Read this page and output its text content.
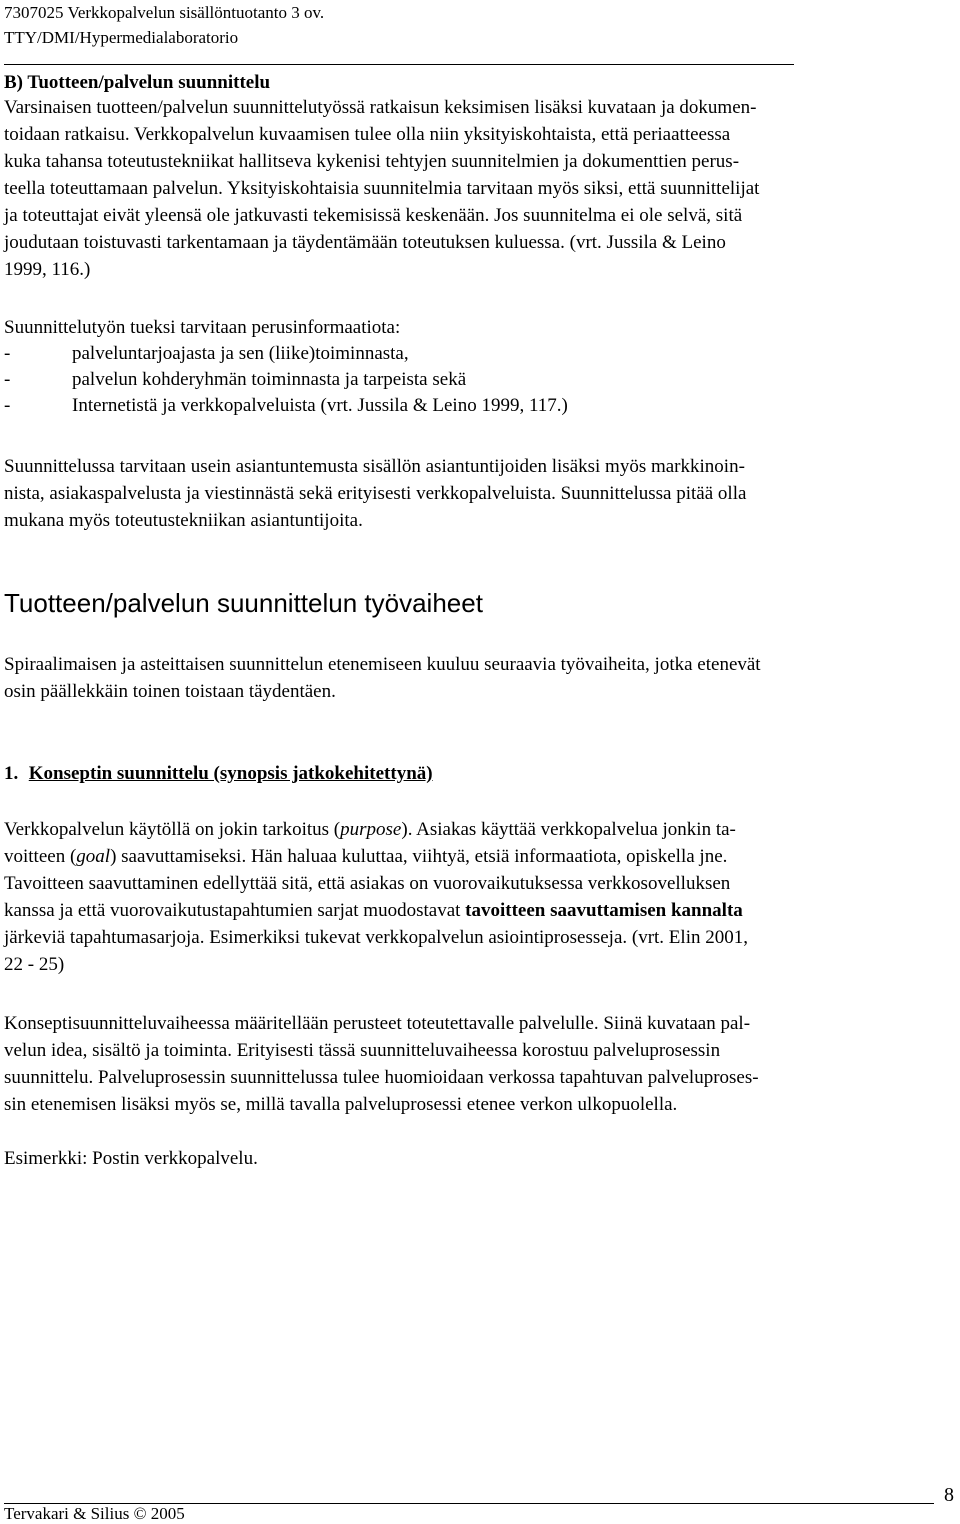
7307025 Verkkopalvelun sisällöntuotanto 3 ov.
TTY/DMI/Hypermedialaboratorio
B) Tuotteen/palvelun suunnittelu
Varsinaisen tuotteen/palvelun suunnittelutyössä ratkaisun keksimisen lisäksi kuvataan ja dokumen-
toidaan ratkaisu. Verkkopalvelun kuvaamisen tulee olla niin yksityiskohtaista, että periaatteessa
kuka tahansa toteutustekniikat hallitseva kykenisi tehtyjen suunnitelmien ja dokumenttien perus-
teella toteuttamaan palvelun. Yksityiskohtaisia suunnitelmia tarvitaan myös siksi, että suunnittelijat
ja toteuttajat eivät yleensä ole jatkuvasti tekemisissä keskenään. Jos suunnitelma ei ole selvä, sitä
joudutaan toistuvasti tarkentamaan ja täydentämään toteutuksen kuluessa. (vrt. Jussila & Leino
1999, 116.)
Suunnittelutyön tueksi tarvitaan perusinformaatiota:
-	palveluntarjoajasta ja sen (liike)toiminnasta,
-	palvelun kohderyhmän toiminnasta ja tarpeista sekä
-	Internetistä ja verkkopalveluista (vrt. Jussila & Leino 1999, 117.)
Suunnittelussa tarvitaan usein asiantuntemusta sisällön asiantuntijoiden lisäksi myös markkinoin-
nista, asiakaspalvelusta ja viestinnästä sekä erityisesti verkkopalveluista. Suunnittelussa pitää olla
mukana myös toteutustekniikan asiantuntijoita.
Tuotteen/palvelun suunnittelun työvaiheet
Spiraalimaisen ja asteittaisen suunnittelun etenemiseen kuuluu seuraavia työvaiheita, jotka etenevät
osin päällekkäin toinen toistaan täydentäen.
1. Konseptin suunnittelu (synopsis jatkokehitettynä)
Verkkopalvelun käytöllä on jokin tarkoitus (purpose). Asiakas käyttää verkkopalvelua jonkin ta-
voitteen (goal) saavuttamiseksi. Hän haluaa kuluttaa, viihtyä, etsiä informaatiota, opiskella jne.
Tavoitteen saavuttaminen edellyttää sitä, että asiakas on vuorovaikutuksessa verkkosovelluksen
kanssa ja että vuorovaikutustapahtumien sarjat muodostavat tavoitteen saavuttamisen kannalta
järkeviä tapahtumasarjoja. Esimerkiksi tukevat verkkopalvelun asiointiprosesseja. (vrt. Elin 2001,
22 - 25)
Konseptisuunnitteluvaiheessa määritellään perusteet toteutettavalle palvelulle. Siinä kuvataan pal-
velun idea, sisältö ja toiminta. Erityisesti tässä suunnitteluvaiheessa korostuu palveluprosessin
suunnittelu. Palveluprosessin suunnittelussa tulee huomioidaan verkossa tapahtuvan palveluproses-
sin etenemisen lisäksi myös se, millä tavalla palveluprosessi etenee verkon ulkopuolella.
Esimerkki: Postin verkkopalvelu.
8
Tervakari & Silius © 2005
